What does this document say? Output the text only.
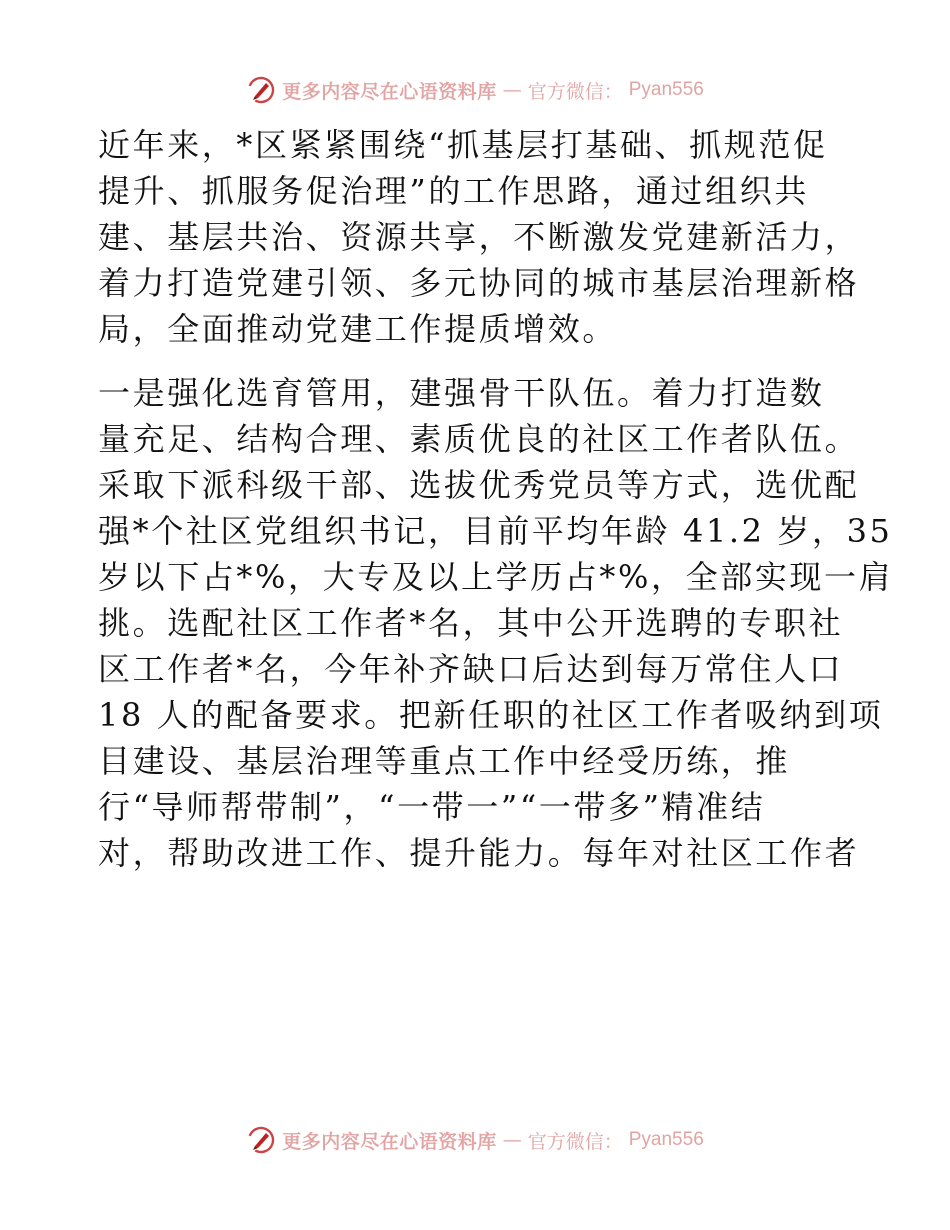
更多内容尽在心语资料库 — 官方微信： Pyan556
近年来，*区紧紧围绕“抓基层打基础、抓规范促
提升、抓服务促治理”的工作思路，通过组织共
建、基层共治、资源共享，不断激发党建新活力，
着力打造党建引领、多元协同的城市基层治理新格
局，全面推动党建工作提质增效。
一是强化选育管用，建强骨干队伍。着力打造数
量充足、结构合理、素质优良的社区工作者队伍。
采取下派科级干部、选拔优秀党员等方式，选优配
强*个社区党组织书记，目前平均年龄 41.2 岁，35
岁以下占*%，大专及以上学历占*%，全部实现一肩
挑。选配社区工作者*名，其中公开选聘的专职社
区工作者*名，今年补齐缺口后达到每万常住人口
18 人的配备要求。把新任职的社区工作者吸纳到项
目建设、基层治理等重点工作中经受历练，推
行“导师帮带制”，“一带一”“一带多”精准结
对，帮助改进工作、提升能力。每年对社区工作者
更多内容尽在心语资料库 — 官方微信： Pyan556
